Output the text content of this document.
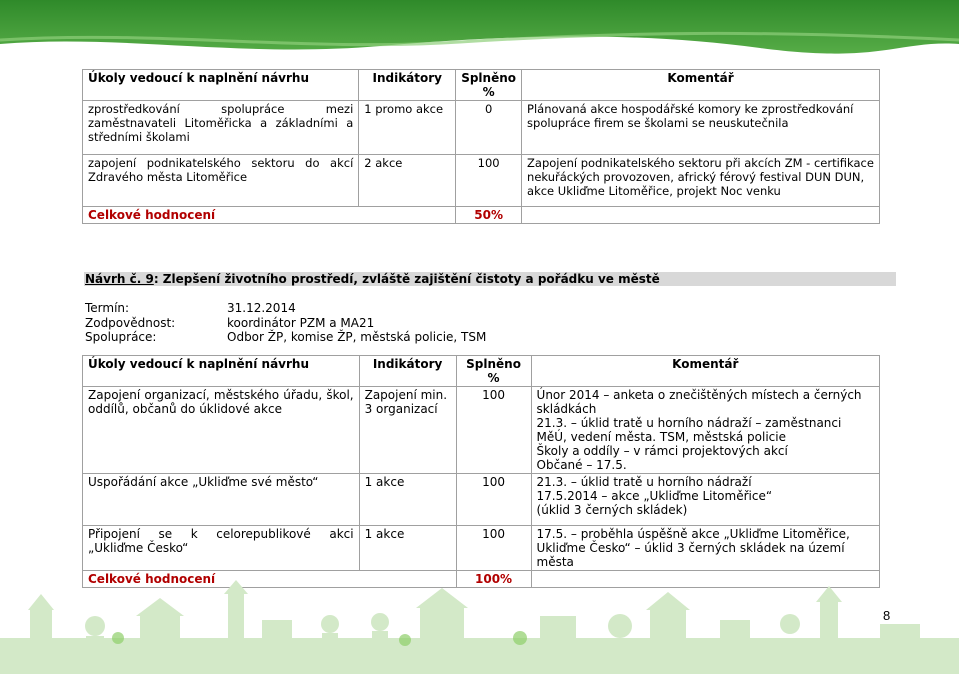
Úkoly vedoucí k naplnění návrhu	Indikátory	Splněno %	Komentář
zprostředkování spolupráce mezi zaměstnavateli Litoměřicka a základními a středními školami	1 promo akce	0	Plánovaná akce hospodářské komory ke zprostředkování spolupráce firem se školami se neuskutečnila
zapojení podnikatelského sektoru do akcí Zdravého města Litoměřice	2 akce	100	Zapojení podnikatelského sektoru při akcích ZM - certifikace nekuřáckých provozoven, africký férový festival DUN DUN, akce Ukliďme Litoměřice, projekt Noc venku
Celkové hodnocení		50%	
Návrh č. 9: Zlepšení životního prostředí, zvláště zajištění čistoty a pořádku ve městě
Termín:	31.12.2014
Zodpovědnost:	koordinátor PZM a MA21
Spolupráce:	Odbor ŽP, komise ŽP, městská policie, TSM
Úkoly vedoucí k naplnění návrhu	Indikátory	Splněno %	Komentář
Zapojení organizací, městského úřadu, škol, oddílů, občanů do úklidové akce	Zapojení min. 3 organizací	100	Únor 2014 – anketa o znečištěných místech a černých skládkách
21.3. – úklid tratě u horního nádraží – zaměstnanci MěÚ, vedení města. TSM, městská policie
Školy a oddíly – v rámci projektových akcí
Občané – 17.5.

Uspořádání akce „Ukliďme své město“	1 akce	100	21.3. – úklid tratě u horního nádraží
17.5.2014 – akce „Ukliďme Litoměřice“
(úklid 3 černých skládek)

Připojení se k celorepublikové akci „Ukliďme Česko“	1 akce	100	17.5. – proběhla úspěšně akce „Ukliďme Litoměřice, Ukliďme Česko“ – úklid 3 černých skládek na území města
Celkové hodnocení		100%	
8
